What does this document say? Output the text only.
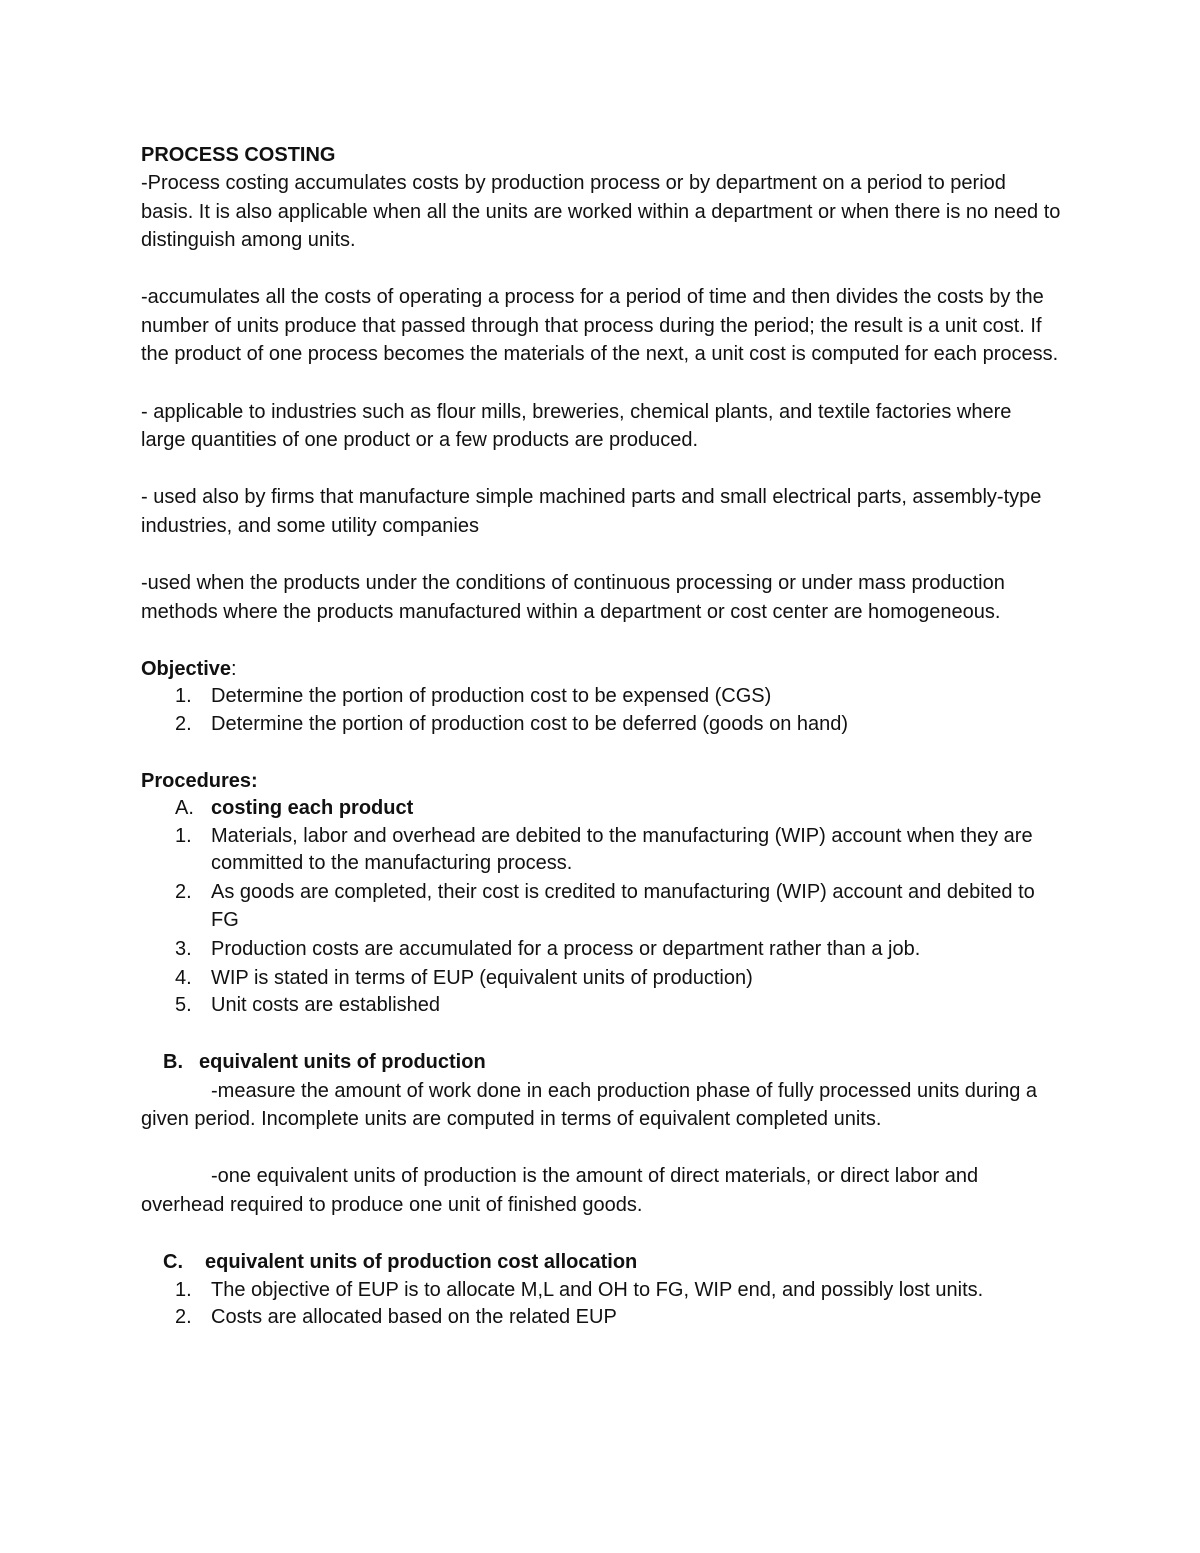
PROCESS COSTING

-Process costing accumulates costs by production process or by department on a period to period basis. It is also applicable when all the units are worked within a department or when there is no need to distinguish among units.

-accumulates all the costs of operating a process for a period of time and then divides the costs by the number of units produce that passed through that process during the period; the result is a unit cost. If the product of one process becomes the materials of the next, a unit cost is computed for each process.

- applicable to industries such as flour mills, breweries, chemical plants, and textile factories where large quantities of one product or a few products are produced.

- used also by firms that manufacture simple machined parts and small electrical parts, assembly-type industries, and some utility companies

-used when the products under the conditions of continuous processing or under mass production methods where the products manufactured within a department or cost center are homogeneous.

Objective:

1. Determine the portion of production cost to be expensed (CGS)
2. Determine the portion of production cost to be deferred (goods on hand)

Procedures:

A. costing each product
1. Materials, labor and overhead are debited to the manufacturing (WIP) account when they are committed to the manufacturing process.
2. As goods are completed, their cost is credited to manufacturing (WIP) account and debited to FG
3. Production costs are accumulated for a process or department rather than a job.
4. WIP is stated in terms of EUP (equivalent units of production)
5. Unit costs are established
B. equivalent units of production

-measure the amount of work done in each production phase of fully processed units during a given period. Incomplete units are computed in terms of equivalent completed units.

-one equivalent units of production is the amount of direct materials, or direct labor and overhead required to produce one unit of finished goods.

C.	equivalent units of production cost allocation
1. The objective of EUP is to allocate M,L and OH to FG, WIP end, and possibly lost units.
2. Costs are allocated based on the related EUP
